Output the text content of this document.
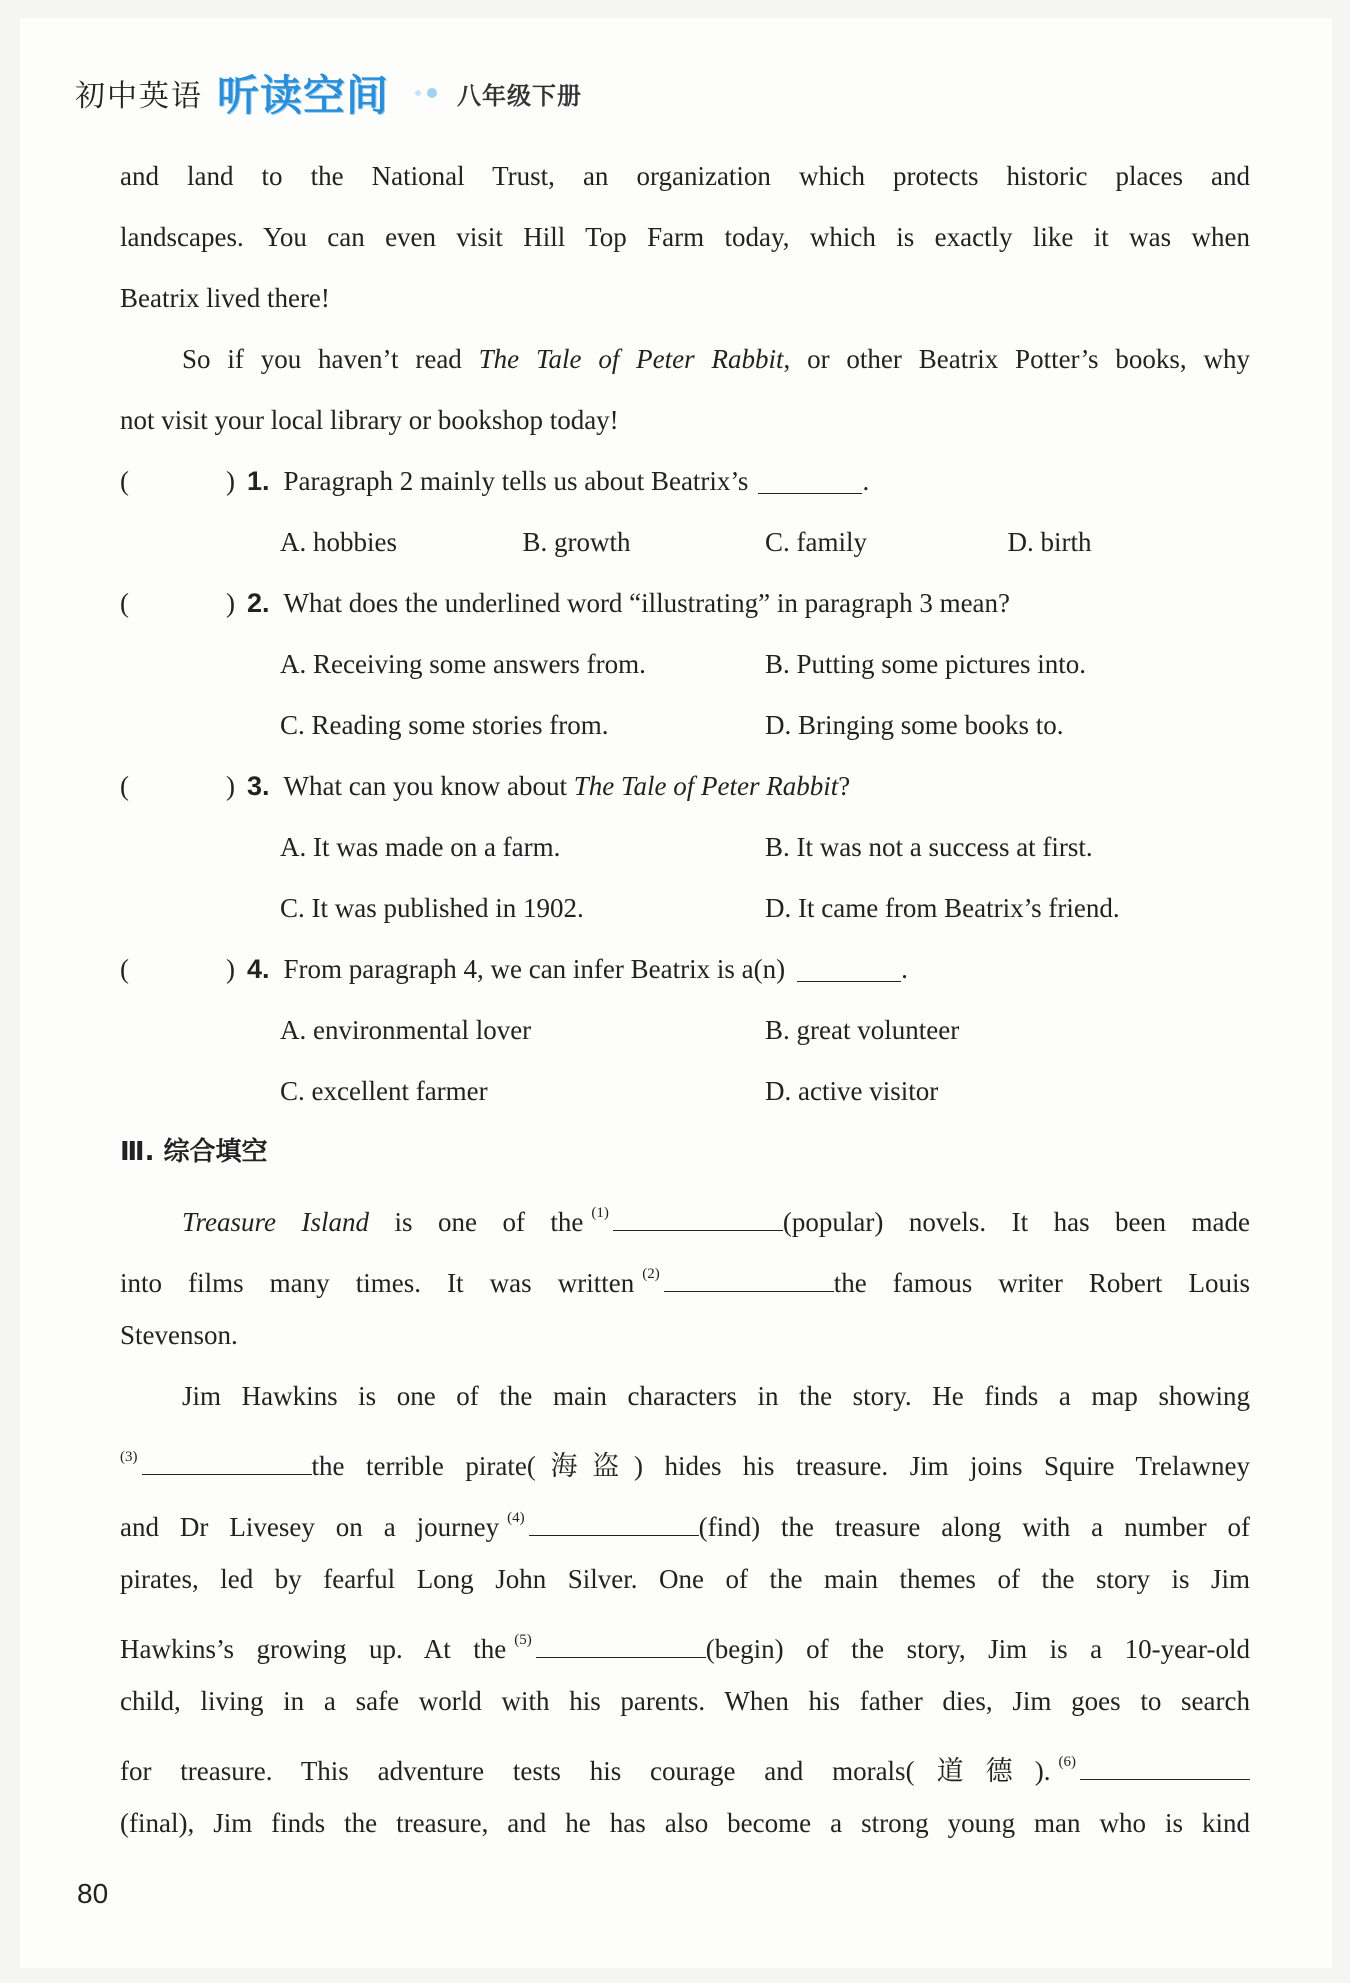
初中英语 听读空间	八年级下册
and land to the National Trust, an organization which protects historic places and
landscapes. You can even visit Hill Top Farm today, which is exactly like it was when
Beatrix lived there!
So if you haven’t read The Tale of Peter Rabbit, or other Beatrix Potter’s books, why
not visit your local library or bookshop today!
(	) 1. Paragraph 2 mainly tells us about Beatrix’s	.
A. hobbies	B. growth	C. family	D. birth
(	) 2. What does the underlined word “illustrating” in paragraph 3 mean?
A. Receiving some answers from.	B. Putting some pictures into.
C. Reading some stories from.	D. Bringing some books to.
(	) 3. What can you know about The Tale of Peter Rabbit?
A. It was made on a farm.	B. It was not a success at first.
C. It was published in 1902.	D. It came from Beatrix’s friend.
(	) 4. From paragraph 4, we can infer Beatrix is a(n)	.
A. environmental lover	B. great volunteer
C. excellent farmer	D. active visitor
Ⅲ. 综合填空
Treasure Island is one of the $^{(1)}$	(popular) novels. It has been made
into films many times. It was written $^{(2)}$	the famous writer Robert Louis
Stevenson.
Jim Hawkins is one of the main characters in the story. He finds a map showing
$^{(3)}$	the terrible pirate(海盗) hides his treasure. Jim joins Squire Trelawney
and Dr Livesey on a journey $^{(4)}$	(find) the treasure along with a number of
pirates, led by fearful Long John Silver. One of the main themes of the story is Jim
Hawkins’s growing up. At the $^{(5)}$	(begin) of the story, Jim is a 10-year-old
child, living in a safe world with his parents. When his father dies, Jim goes to search
for treasure. This adventure tests his courage and morals(道德). $^{(6)}$
(final), Jim finds the treasure, and he has also become a strong young man who is kind
80
